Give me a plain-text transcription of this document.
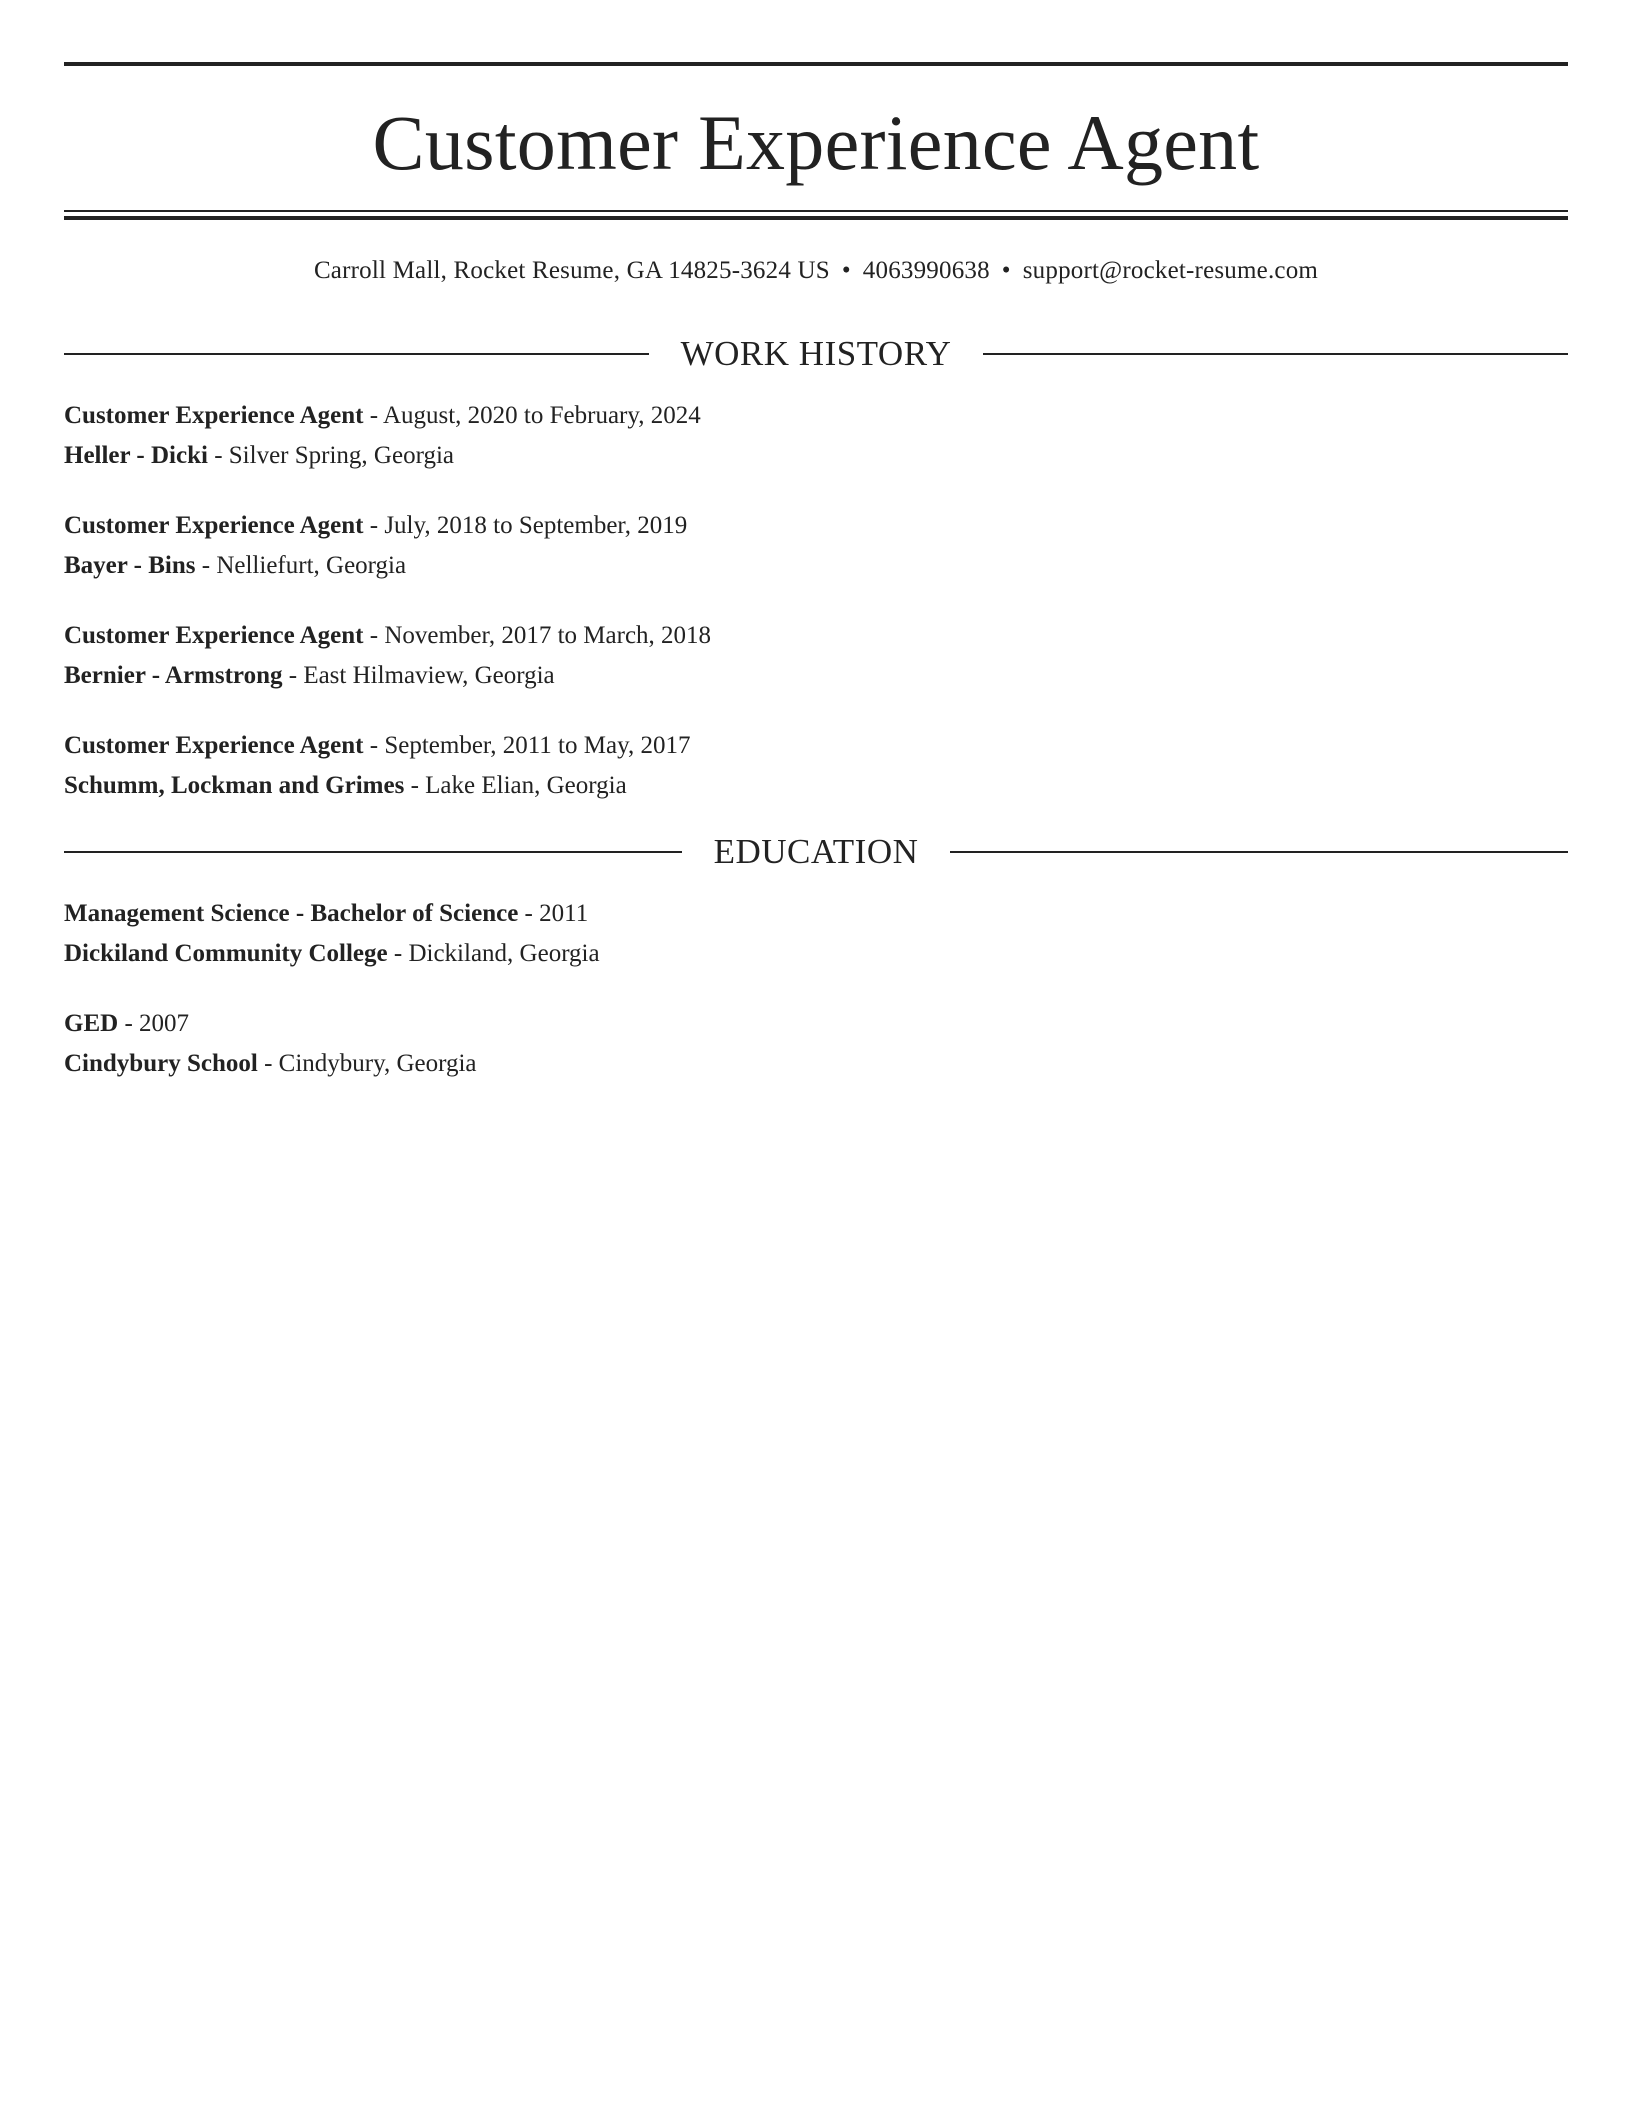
Customer Experience Agent
Carroll Mall, Rocket Resume, GA 14825-3624 US • 4063990638 • support@rocket-resume.com
WORK HISTORY
Customer Experience Agent - August, 2020 to February, 2024
Heller - Dicki - Silver Spring, Georgia
Customer Experience Agent - July, 2018 to September, 2019
Bayer - Bins - Nelliefurt, Georgia
Customer Experience Agent - November, 2017 to March, 2018
Bernier - Armstrong - East Hilmaview, Georgia
Customer Experience Agent - September, 2011 to May, 2017
Schumm, Lockman and Grimes - Lake Elian, Georgia
EDUCATION
Management Science - Bachelor of Science - 2011
Dickiland Community College - Dickiland, Georgia
GED - 2007
Cindybury School - Cindybury, Georgia
